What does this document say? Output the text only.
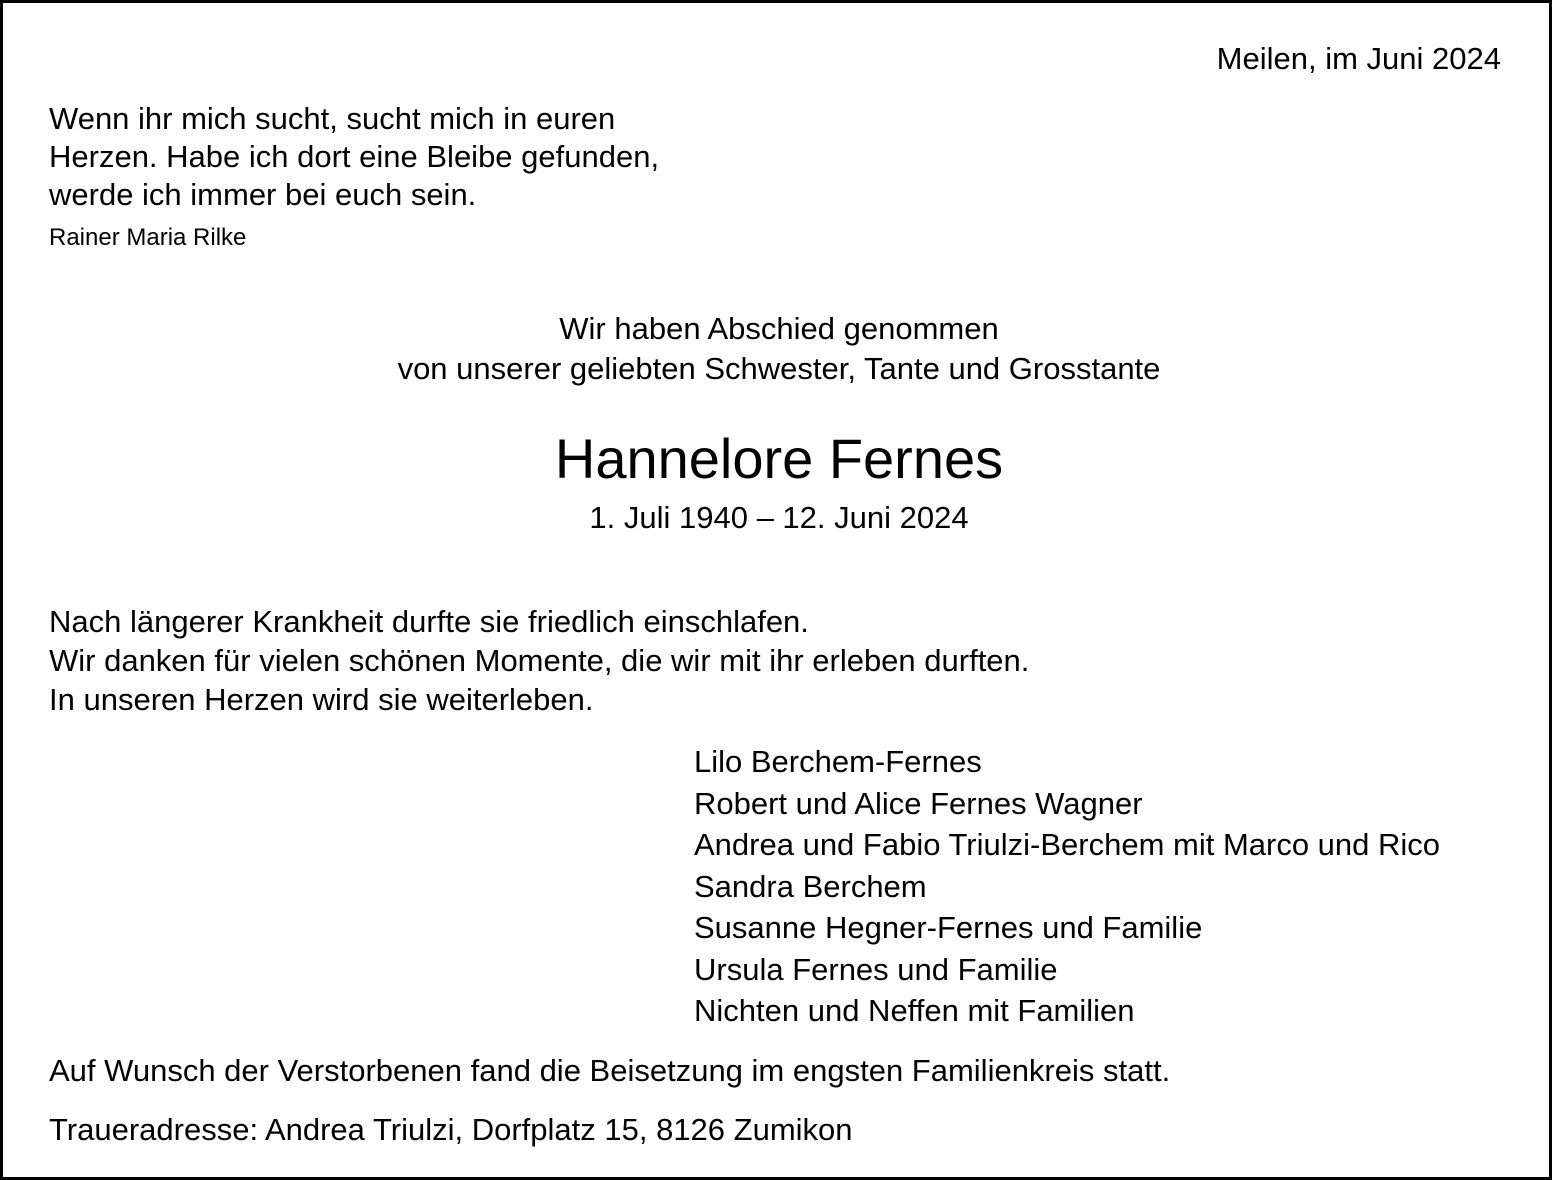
Meilen, im Juni 2024
Wenn ihr mich sucht, sucht mich in euren
Herzen. Habe ich dort eine Bleibe gefunden,
werde ich immer bei euch sein.
Rainer Maria Rilke
Wir haben Abschied genommen
von unserer geliebten Schwester, Tante und Grosstante
Hannelore Fernes
1. Juli 1940 – 12. Juni 2024
Nach längerer Krankheit durfte sie friedlich einschlafen.
Wir danken für vielen schönen Momente, die wir mit ihr erleben durften.
In unseren Herzen wird sie weiterleben.
Lilo Berchem-Fernes
Robert und Alice Fernes Wagner
Andrea und Fabio Triulzi-Berchem mit Marco und Rico
Sandra Berchem
Susanne Hegner-Fernes und Familie
Ursula Fernes und Familie
Nichten und Neffen mit Familien
Auf Wunsch der Verstorbenen fand die Beisetzung im engsten Familienkreis statt.
Traueradresse: Andrea Triulzi, Dorfplatz 15, 8126 Zumikon
